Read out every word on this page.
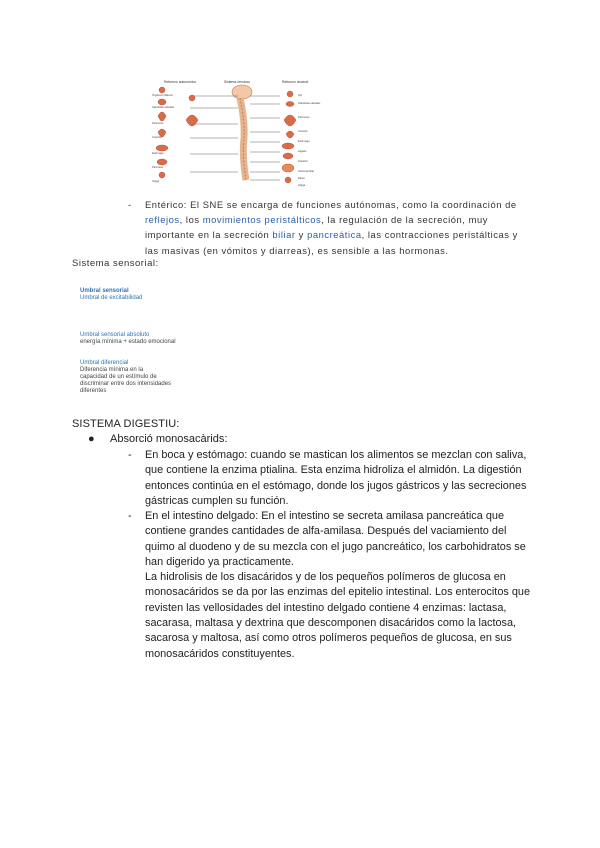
Refuerzo autonómico	Sistema nervioso	Refuerzo visceral
Órganos linfáticos
Glándulas salivales
Pulmones
Corazón
Estómago
Páncreas
Vejiga
Ojo
Glándulas salivales
Pulmones
Corazón
Estómago
Hígado
Intestino
Vesícula biliar
Recto
Vejiga
- Entérico: El SNE se encarga de funciones autónomas, como la coordinación de reflejos, los movimientos peristálticos, la regulación de la secreción, muy importante en la secreción biliar y pancreática, las contracciones peristálticas y las masivas (en vómitos y diarreas), es sensible a las hormonas.
Sistema sensorial:
Umbral sensorial
Umbral de excitabilidad
Umbral sensorial absoluto
energía mínima + estado emocional
Umbral diferencial
Diferencia mínima en la
capacidad de un estímulo de
discriminar entre dos intensidades
diferentes
SISTEMA DIGESTIU:
● Absorció monosacàrids:
- En boca y estómago: cuando se mastican los alimentos se mezclan con saliva, que contiene la enzima ptialina. Esta enzima hidroliza el almidón. La digestión entonces continúa en el estómago, donde los jugos gástricos y las secreciones gástricas cumplen su función.
- En el intestino delgado: En el intestino se secreta amilasa pancreática que contiene grandes cantidades de alfa-amilasa. Después del vaciamiento del quimo al duodeno y de su mezcla con el jugo pancreático, los carbohidratos se han digerido ya practicamente.

La hidrolisis de los disacáridos y de los pequeños polímeros de glucosa en monosacáridos se da por las enzimas del epitelio intestinal. Los enterocitos que revisten las vellosidades del intestino delgado contiene 4 enzimas: lactasa, sacarasa, maltasa y dextrina que descomponen disacáridos como la lactosa, sacarosa y maltosa, así como otros polímeros pequeños de glucosa, en sus monosacáridos constituyentes.
